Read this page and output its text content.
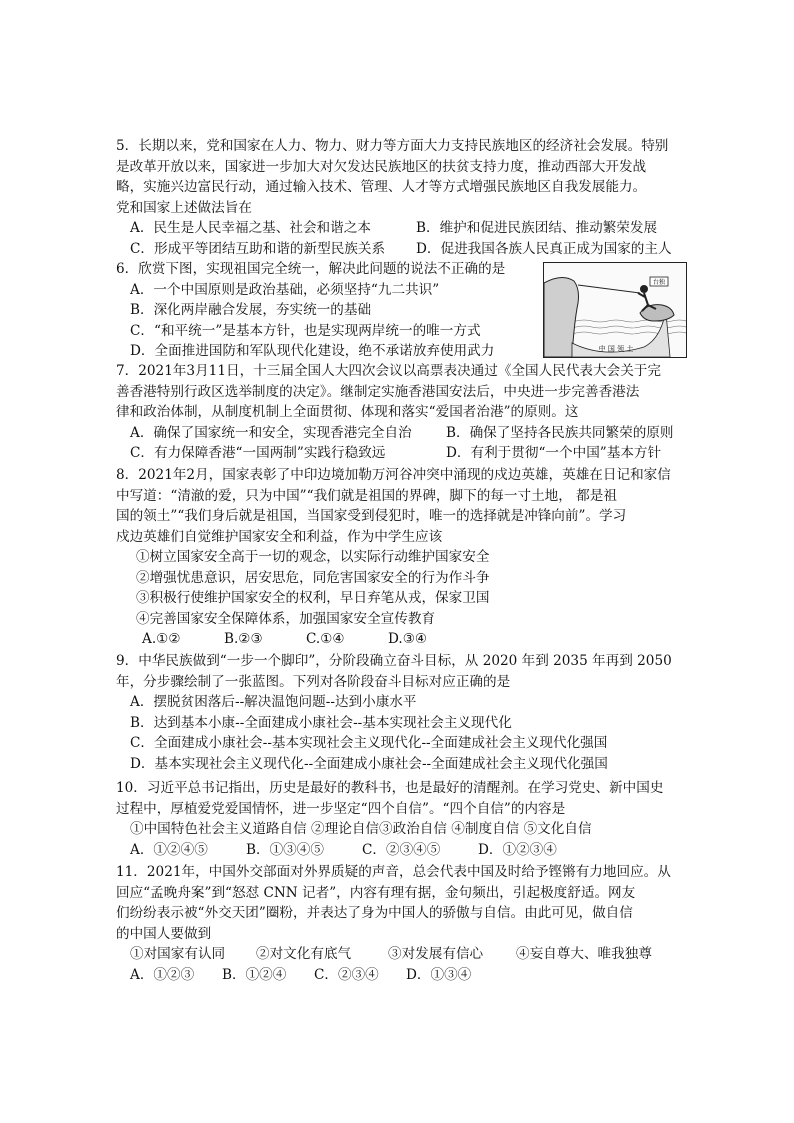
5．长期以来，党和国家在人力、物力、财力等方面大力支持民族地区的经济社会发展。特别
是改革开放以来，国家进一步加大对欠发达民族地区的扶贫支持力度，推动西部大开发战
略，实施兴边富民行动，通过输入技术、管理、人才等方式增强民族地区自我发展能力。
党和国家上述做法旨在
A．民生是人民幸福之基、社会和谐之本	B．维护和促进民族团结、推动繁荣发展
C．形成平等团结互助和谐的新型民族关系 D．促进我国各族人民真正成为国家的主人
6．欣赏下图，实现祖国完全统一，解决此问题的说法不正确的是
A．一个中国原则是政治基础，必须坚持“九二共识”
B．深化两岸融合发展，夯实统一的基础
C．“和平统一”是基本方针，也是实现两岸统一的唯一方式
D．全面推进国防和军队现代化建设，绝不承诺放弃使用武力
台独
中 国 领 土
7．2021年3月11日，十三届全国人大四次会议以高票表决通过《全国人民代表大会关于完
善香港特别行政区选举制度的决定》。继制定实施香港国安法后，中央进一步完善香港法
律和政治体制，从制度机制上全面贯彻、体现和落实“爱国者治港”的原则。这
A．确保了国家统一和安全，实现香港完全自治	B．确保了坚持各民族共同繁荣的原则
C．有力保障香港“一国两制”实践行稳致远	D．有利于贯彻“一个中国”基本方针
8．2021年2月，国家表彰了中印边境加勒万河谷冲突中涌现的戍边英雄，英雄在日记和家信
中写道：“清澈的爱，只为中国”“我们就是祖国的界碑，脚下的每一寸土地， 都是祖
国的领土”“我们身后就是祖国，当国家受到侵犯时，唯一的选择就是冲锋向前”。学习
戍边英雄们自觉维护国家安全和利益，作为中学生应该
①树立国家安全高于一切的观念，以实际行动维护国家安全
②增强忧患意识，居安思危，同危害国家安全的行为作斗争
③积极行使维护国家安全的权利，早日弃笔从戎，保家卫国
④完善国家安全保障体系，加强国家安全宣传教育
A.①②	B.②③	C.①④	D.③④
9．中华民族做到“一步一个脚印”，分阶段确立奋斗目标，从 2020 年到 2035 年再到 2050
年，分步骤绘制了一张蓝图。下列对各阶段奋斗目标对应正确的是
A．摆脱贫困落后--解决温饱问题--达到小康水平
B．达到基本小康--全面建成小康社会--基本实现社会主义现代化
C．全面建成小康社会--基本实现社会主义现代化--全面建成社会主义现代化强国
D．基本实现社会主义现代化--全面建成小康社会--全面建成社会主义现代化强国
10．习近平总书记指出，历史是最好的教科书，也是最好的清醒剂。在学习党史、新中国史
过程中，厚植爱党爱国情怀，进一步坚定“四个自信”。“四个自信”的内容是
①中国特色社会主义道路自信 ②理论自信③政治自信 ④制度自信 ⑤文化自信
A．①②④⑤	B．①③④⑤	C．②③④⑤	D．①②③④
11．2021年，中国外交部面对外界质疑的声音，总会代表中国及时给予铿锵有力地回应。从
回应“孟晚舟案”到“怒怼 CNN 记者”，内容有理有据，金句频出，引起极度舒适。网友
们纷纷表示被“外交天团”圈粉，并表达了身为中国人的骄傲与自信。由此可见，做自信
的中国人要做到
①对国家有认同 ②对文化有底气	③对发展有信心 ④妄自尊大、唯我独尊
A．①②③ B．①②④ C．②③④ D．①③④
